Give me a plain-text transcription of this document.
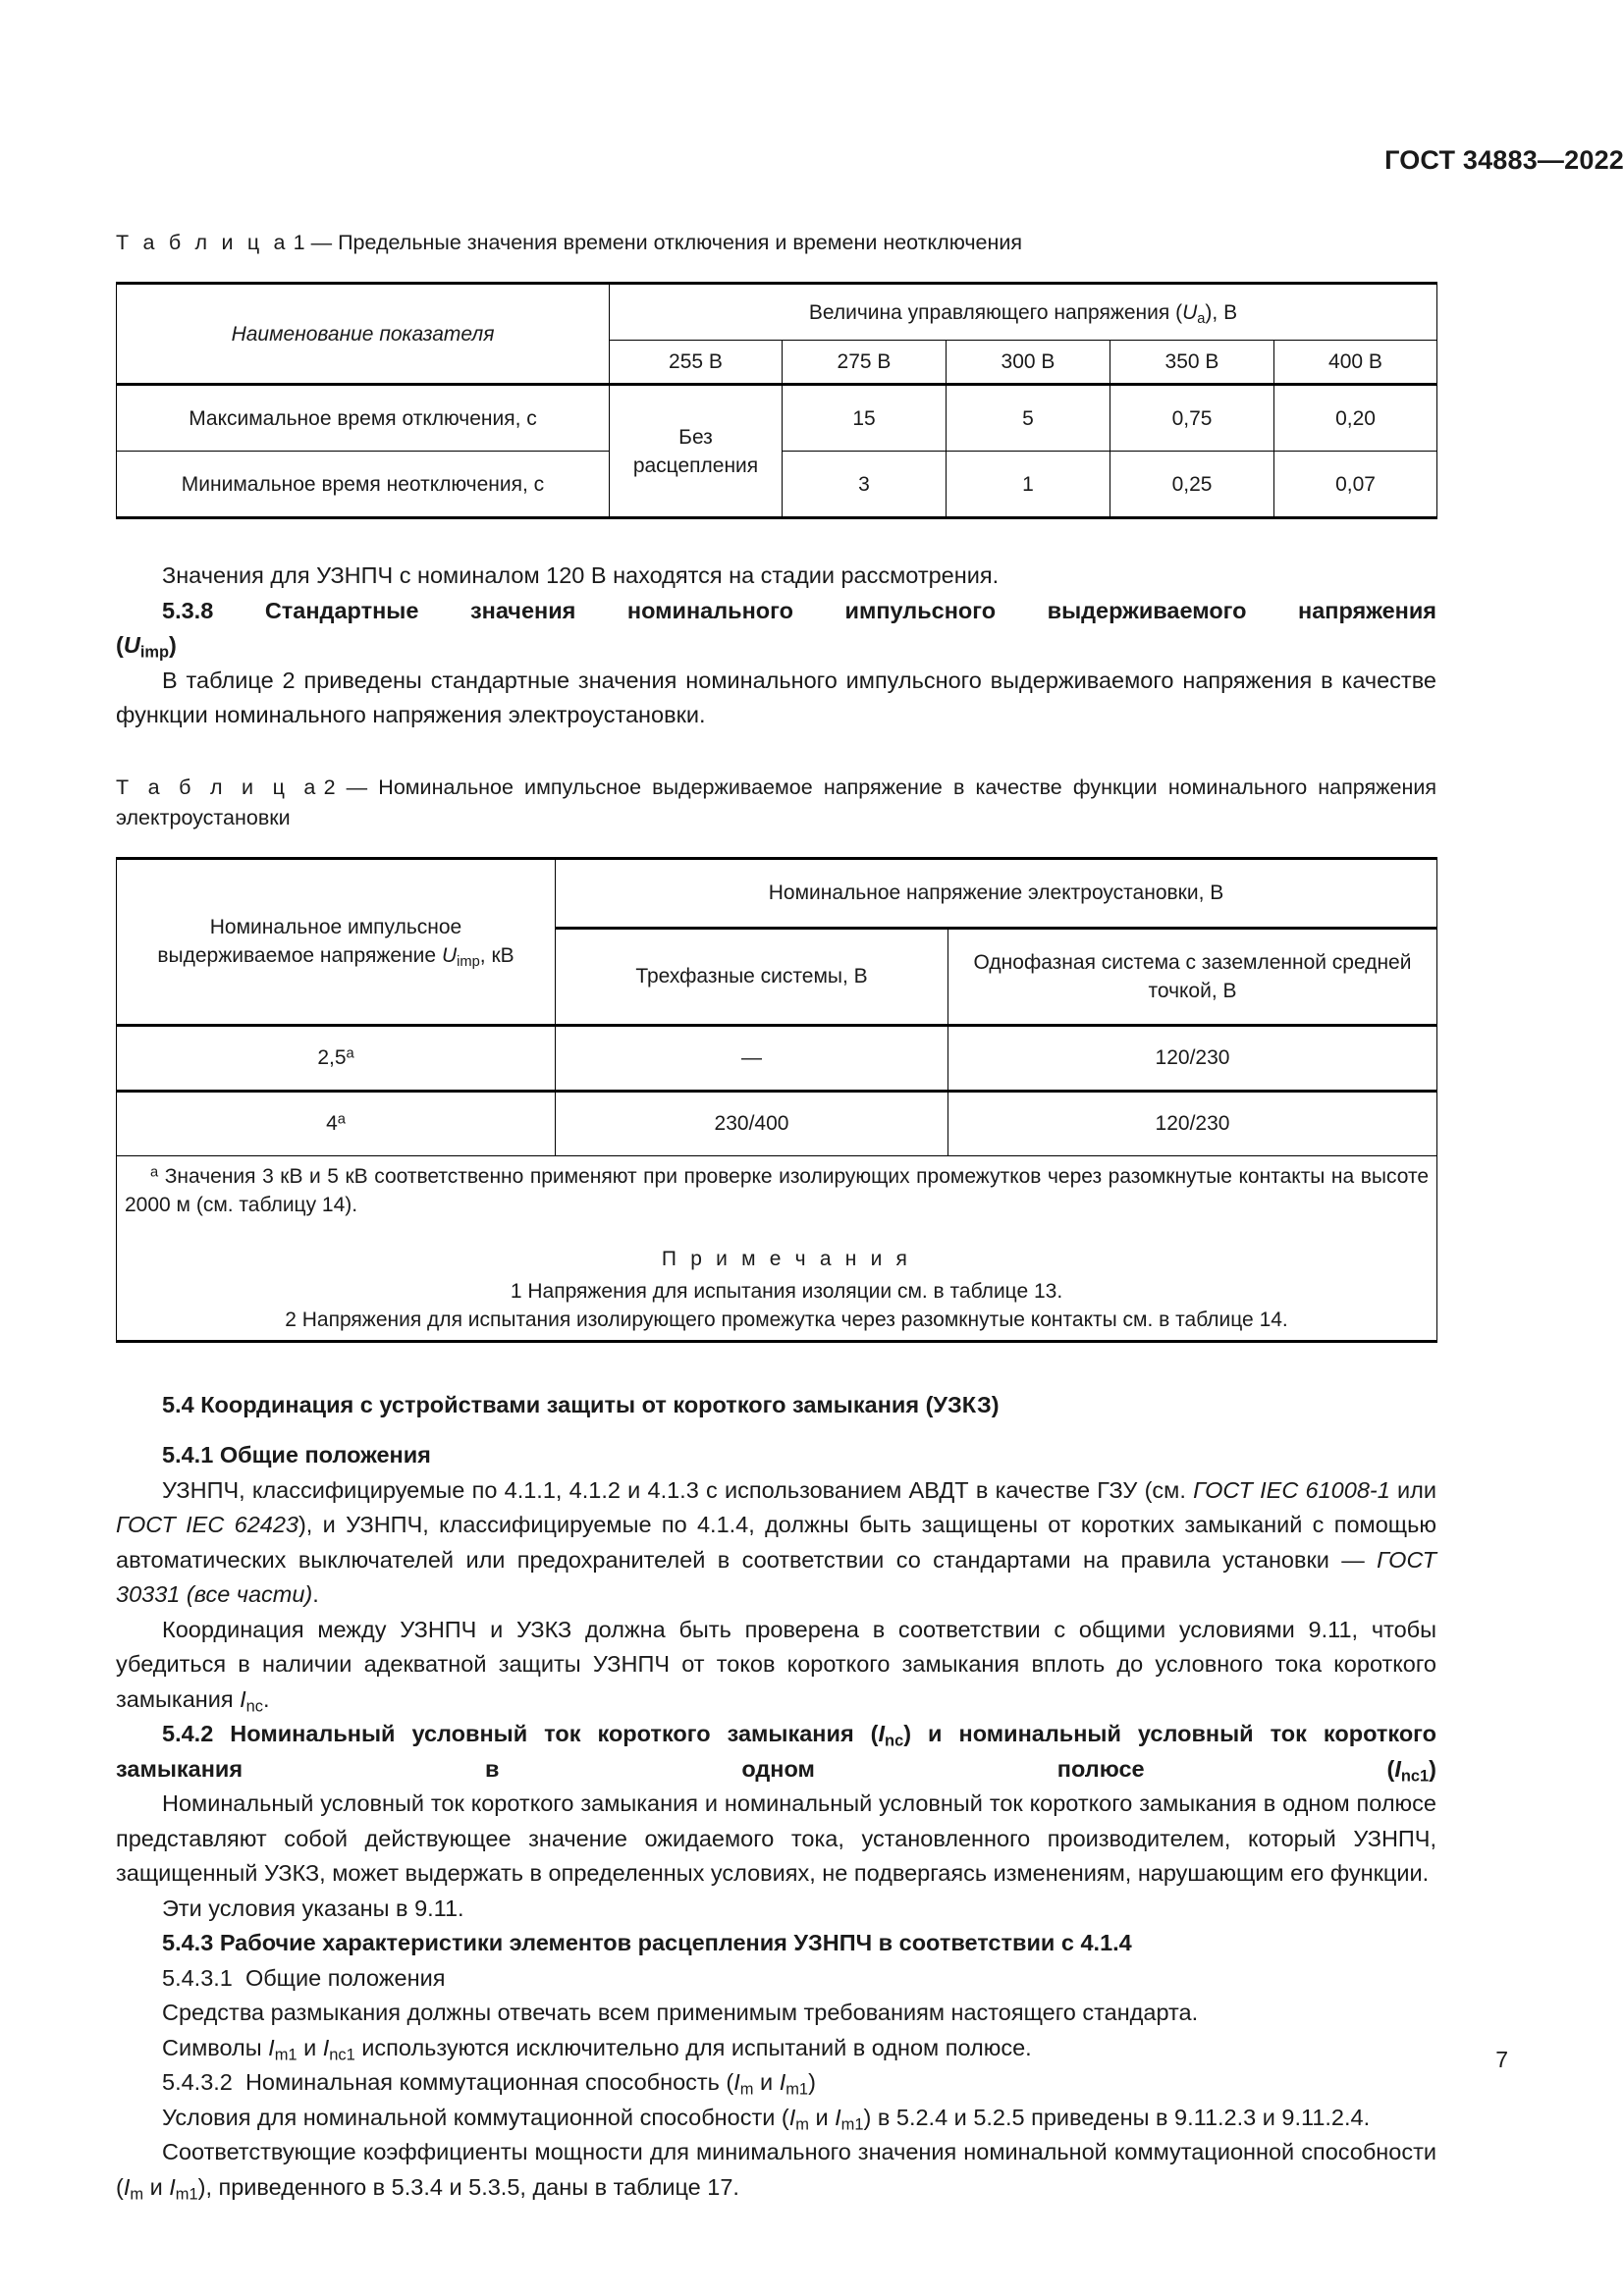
ГОСТ 34883—2022

Т а б л и ц а 1 — Предельные значения времени отключения и времени неотключения

Наименование показателя	Величина управляющего напряжения $(U_a)$, В				
	255 В	275 В	300 В	350 В	400 В
Максимальное время отключения, с	Без расцепления	15	5	0,75	0,20
Минимальное время неотключения, с		3	1	0,25	0,07

Значения для УЗНПЧ с номиналом 120 В находятся на стадии рассмотрения.

5.3.8 Стандартные значения номинального импульсного выдерживаемого напряжения
$(U_{imp})$

В таблице 2 приведены стандартные значения номинального импульсного выдерживаемого напряжения в качестве функции номинального напряжения электроустановки.

Т а б л и ц а 2 — Номинальное импульсное выдерживаемое напряжение в качестве функции номинального напряжения электроустановки

Номинальное импульсное
выдерживаемое напряжение $U_{imp}$, кВ	Номинальное напряжение электроустановки, В	
	Трехфазные системы, В	Однофазная система с заземленной средней точкой, В
2,5$^a$	—	120/230
4$^a$	230/400	120/230

$^a$ Значения 3 кВ и 5 кВ соответственно применяют при проверке изолирующих промежутков через разомкнутые контакты на высоте 2000 м (см. таблицу 14).

П р и м е ч а н и я
1 Напряжения для испытания изоляции см. в таблице 13.
2 Напряжения для испытания изолирующего промежутка через разомкнутые контакты см. в таблице 14.		
5.4 Координация с устройствами защиты от короткого замыкания (УЗКЗ)
5.4.1 Общие положения

УЗНПЧ, классифицируемые по 4.1.1, 4.1.2 и 4.1.3 с использованием АВДТ в качестве ГЗУ (см. ГОСТ IEC 61008-1 или ГОСТ IEC 62423), и УЗНПЧ, классифицируемые по 4.1.4, должны быть защищены от коротких замыканий с помощью автоматических выключателей или предохранителей в соответствии со стандартами на правила установки — ГОСТ 30331 (все части).

Координация между УЗНПЧ и УЗКЗ должна быть проверена в соответствии с общими условиями 9.11, чтобы убедиться в наличии адекватной защиты УЗНПЧ от токов короткого замыкания вплоть до условного тока короткого замыкания $I_{nc}$.

5.4.2 Номинальный условный ток короткого замыкания $(I_{nc})$ и номинальный условный ток короткого замыкания в одном полюсе $(I_{nc1})$

Номинальный условный ток короткого замыкания и номинальный условный ток короткого замыкания в одном полюсе представляют собой действующее значение ожидаемого тока, установленного производителем, который УЗНПЧ, защищенный УЗКЗ, может выдержать в определенных условиях, не подвергаясь изменениям, нарушающим его функции.

Эти условия указаны в 9.11.

5.4.3 Рабочие характеристики элементов расцепления УЗНПЧ в соответствии с 4.1.4

5.4.3.1 Общие положения

Средства размыкания должны отвечать всем применимым требованиям настоящего стандарта.

Символы $I_{m1}$ и $I_{nc1}$ используются исключительно для испытаний в одном полюсе.

5.4.3.2 Номинальная коммутационная способность ($I_m$ и $I_{m1}$)

Условия для номинальной коммутационной способности ($I_m$ и $I_{m1}$) в 5.2.4 и 5.2.5 приведены в 9.11.2.3 и 9.11.2.4.

Соответствующие коэффициенты мощности для минимального значения номинальной коммутационной способности ($I_m$ и $I_{m1}$), приведенного в 5.3.4 и 5.3.5, даны в таблице 17.

7
